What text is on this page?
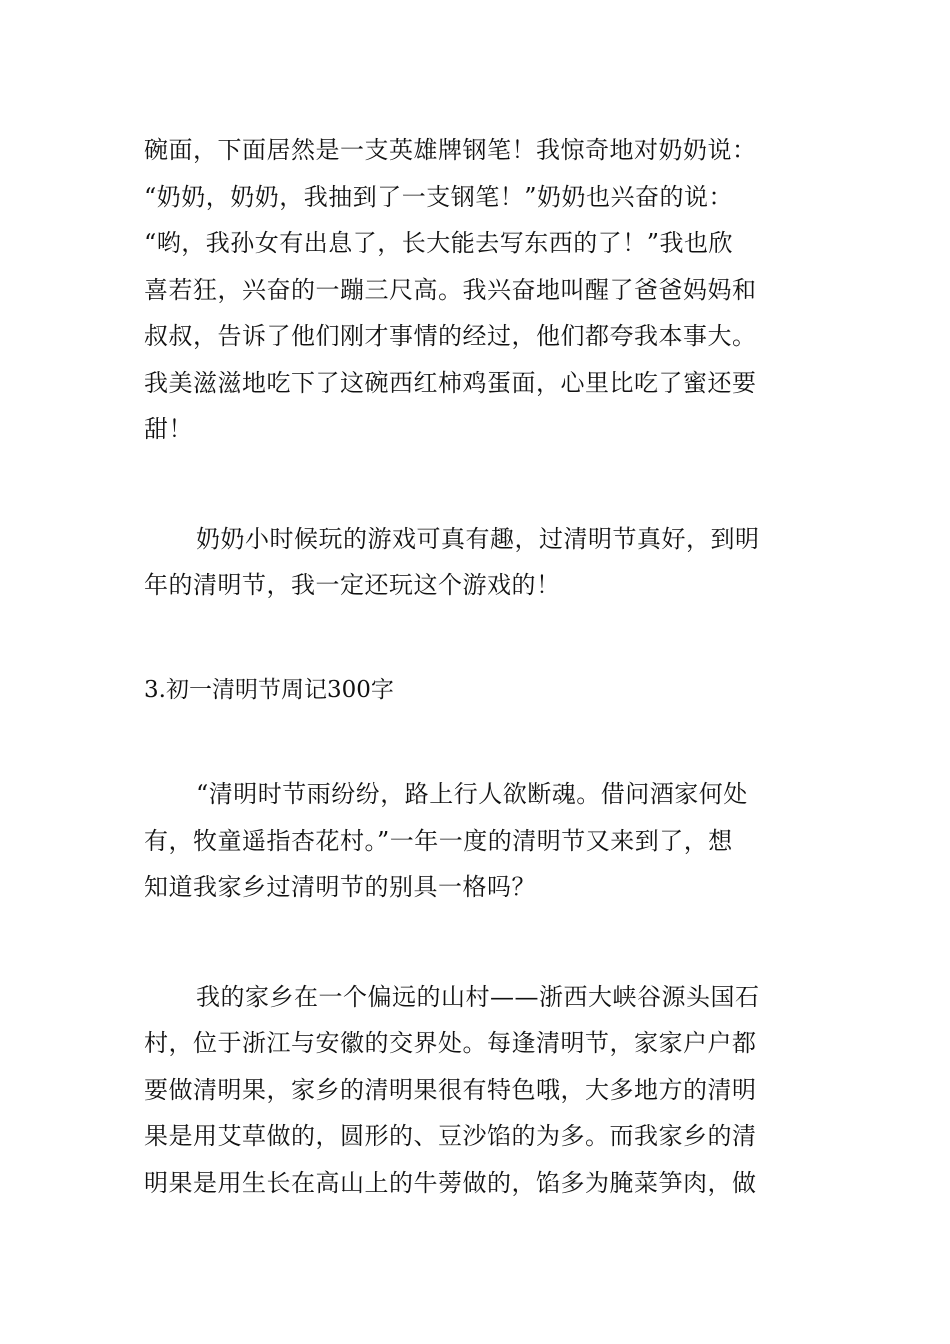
碗面，下面居然是一支英雄牌钢笔！我惊奇地对奶奶说：
“奶奶，奶奶，我抽到了一支钢笔！”奶奶也兴奋的说：
“哟，我孙女有出息了，长大能去写东西的了！”我也欣
喜若狂，兴奋的一蹦三尺高。我兴奋地叫醒了爸爸妈妈和
叔叔，告诉了他们刚才事情的经过，他们都夸我本事大。
我美滋滋地吃下了这碗西红柿鸡蛋面，心里比吃了蜜还要
甜！
奶奶小时候玩的游戏可真有趣，过清明节真好，到明
年的清明节，我一定还玩这个游戏的！
3.初一清明节周记300字
“清明时节雨纷纷，路上行人欲断魂。借问酒家何处
有，牧童遥指杏花村。”一年一度的清明节又来到了，想
知道我家乡过清明节的别具一格吗？
我的家乡在一个偏远的山村——浙西大峡谷源头国石
村，位于浙江与安徽的交界处。每逢清明节，家家户户都
要做清明果，家乡的清明果很有特色哦，大多地方的清明
果是用艾草做的，圆形的、豆沙馅的为多。而我家乡的清
明果是用生长在高山上的牛蒡做的，馅多为腌菜笋肉，做
